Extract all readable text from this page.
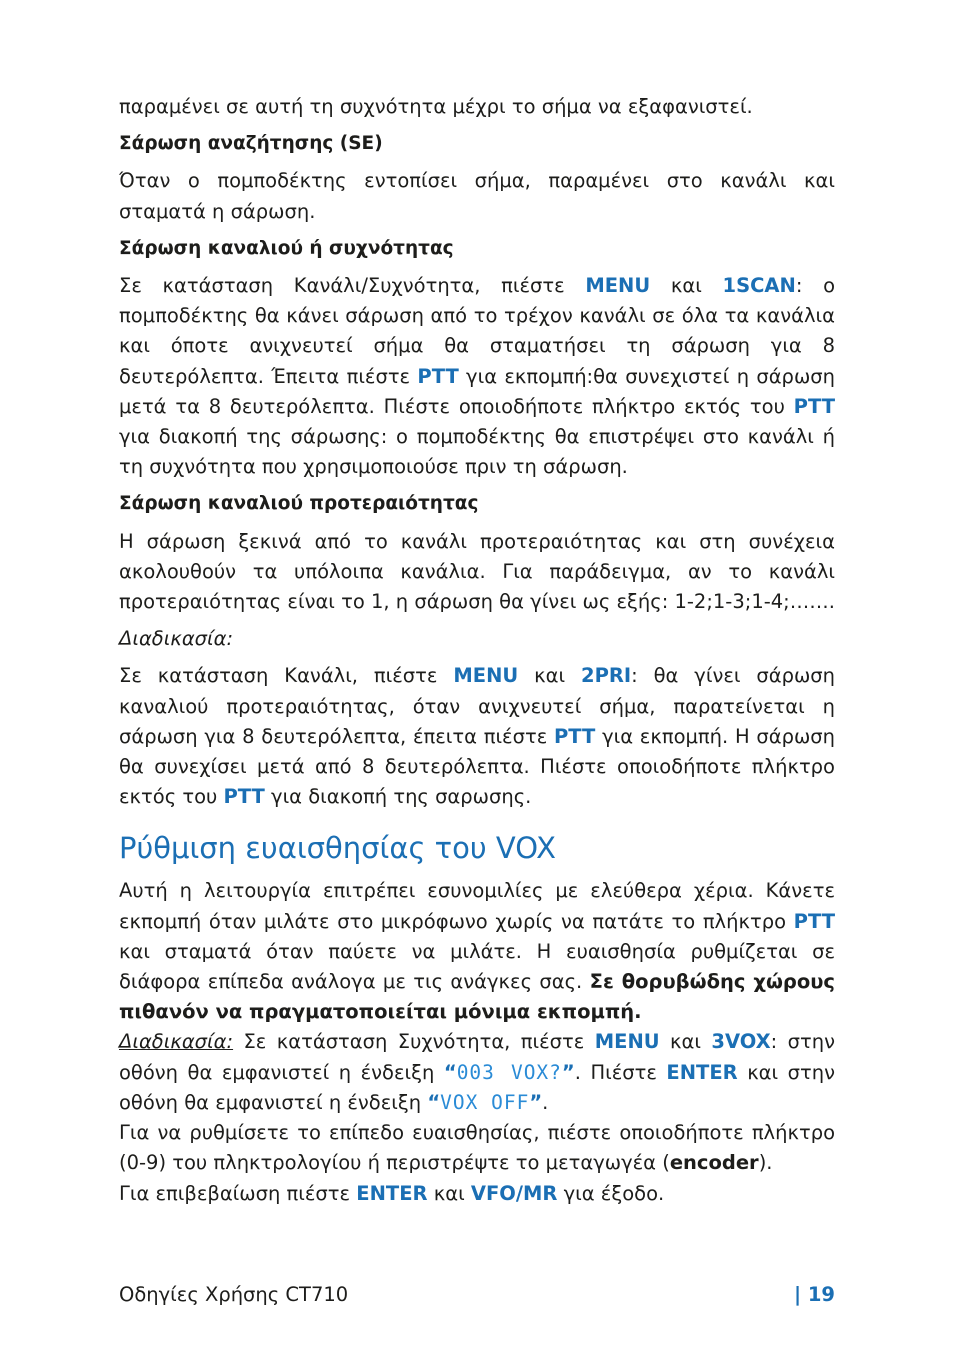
παραμένει σε αυτή τη συχνότητα μέχρι το σήμα να εξαφανιστεί.

Σάρωση αναζήτησης (SE)

Όταν ο πομποδέκτης εντοπίσει σήμα, παραμένει στο κανάλι και σταματά η σάρωση.

Σάρωση καναλιού ή συχνότητας

Σε κατάσταση Κανάλι/Συχνότητα, πιέστε MENU και 1SCAN: ο πομποδέκτης θα κάνει σάρωση από το τρέχον κανάλι σε όλα τα κανάλια και όποτε ανιχνευτεί σήμα θα σταματήσει τη σάρωση για 8 δευτερόλεπτα. Έπειτα πιέστε PTT για εκπομπή:θα συνεχιστεί η σάρωση μετά τα 8 δευτερόλεπτα. Πιέστε οποιοδήποτε πλήκτρο εκτός του PTT για διακοπή της σάρωσης: ο πομποδέκτης θα επιστρέψει στο κανάλι ή τη συχνότητα που χρησιμοποιούσε πριν τη σάρωση.

Σάρωση καναλιού προτεραιότητας

Η σάρωση ξεκινά από το κανάλι προτεραιότητας και στη συνέχεια ακολουθούν τα υπόλοιπα κανάλια. Για παράδειγμα, αν το κανάλι προτεραιότητας είναι το 1, η σάρωση θα γίνει ως εξής: 1-2;1-3;1-4;…….

Διαδικασία:

Σε κατάσταση Κανάλι, πιέστε MENU και 2PRI: θα γίνει σάρωση καναλιού προτεραιότητας, όταν ανιχνευτεί σήμα, παρατείνεται η σάρωση για 8 δευτερόλεπτα, έπειτα πιέστε PTT για εκπομπή. Η σάρωση θα συνεχίσει μετά από 8 δευτερόλεπτα. Πιέστε οποιοδήποτε πλήκτρο εκτός του PTT για διακοπή της σαρωσης.

Ρύθμιση ευαισθησίας του VOX

Αυτή η λειτουργία επιτρέπει εσυνομιλίες με ελεύθερα χέρια. Κάνετε εκπομπή όταν μιλάτε στο μικρόφωνο χωρίς να πατάτε το πλήκτρο PTT και σταματά όταν παύετε να μιλάτε. Η ευαισθησία ρυθμίζεται σε διάφορα επίπεδα ανάλογα με τις ανάγκες σας. Σε θορυβώδης χώρους πιθανόν να πραγματοποιείται μόνιμα εκπομπή.

Διαδικασία: Σε κατάσταση Συχνότητα, πιέστε MENU και 3VOX: στην οθόνη θα εμφανιστεί η ένδειξη “003 VOX?”. Πιέστε ENTER και στην οθόνη θα εμφανιστεί η ένδειξη “VOX OFF”.

Για να ρυθμίσετε το επίπεδο ευαισθησίας, πιέστε οποιοδήποτε πλήκτρο (0-9) του πληκτρολογίου ή περιστρέψτε το μεταγωγέα (encoder).

Για επιβεβαίωση πιέστε ENTER και VFO/MR για έξοδο.

Οδηγίες Χρήσης CT710	| 19
